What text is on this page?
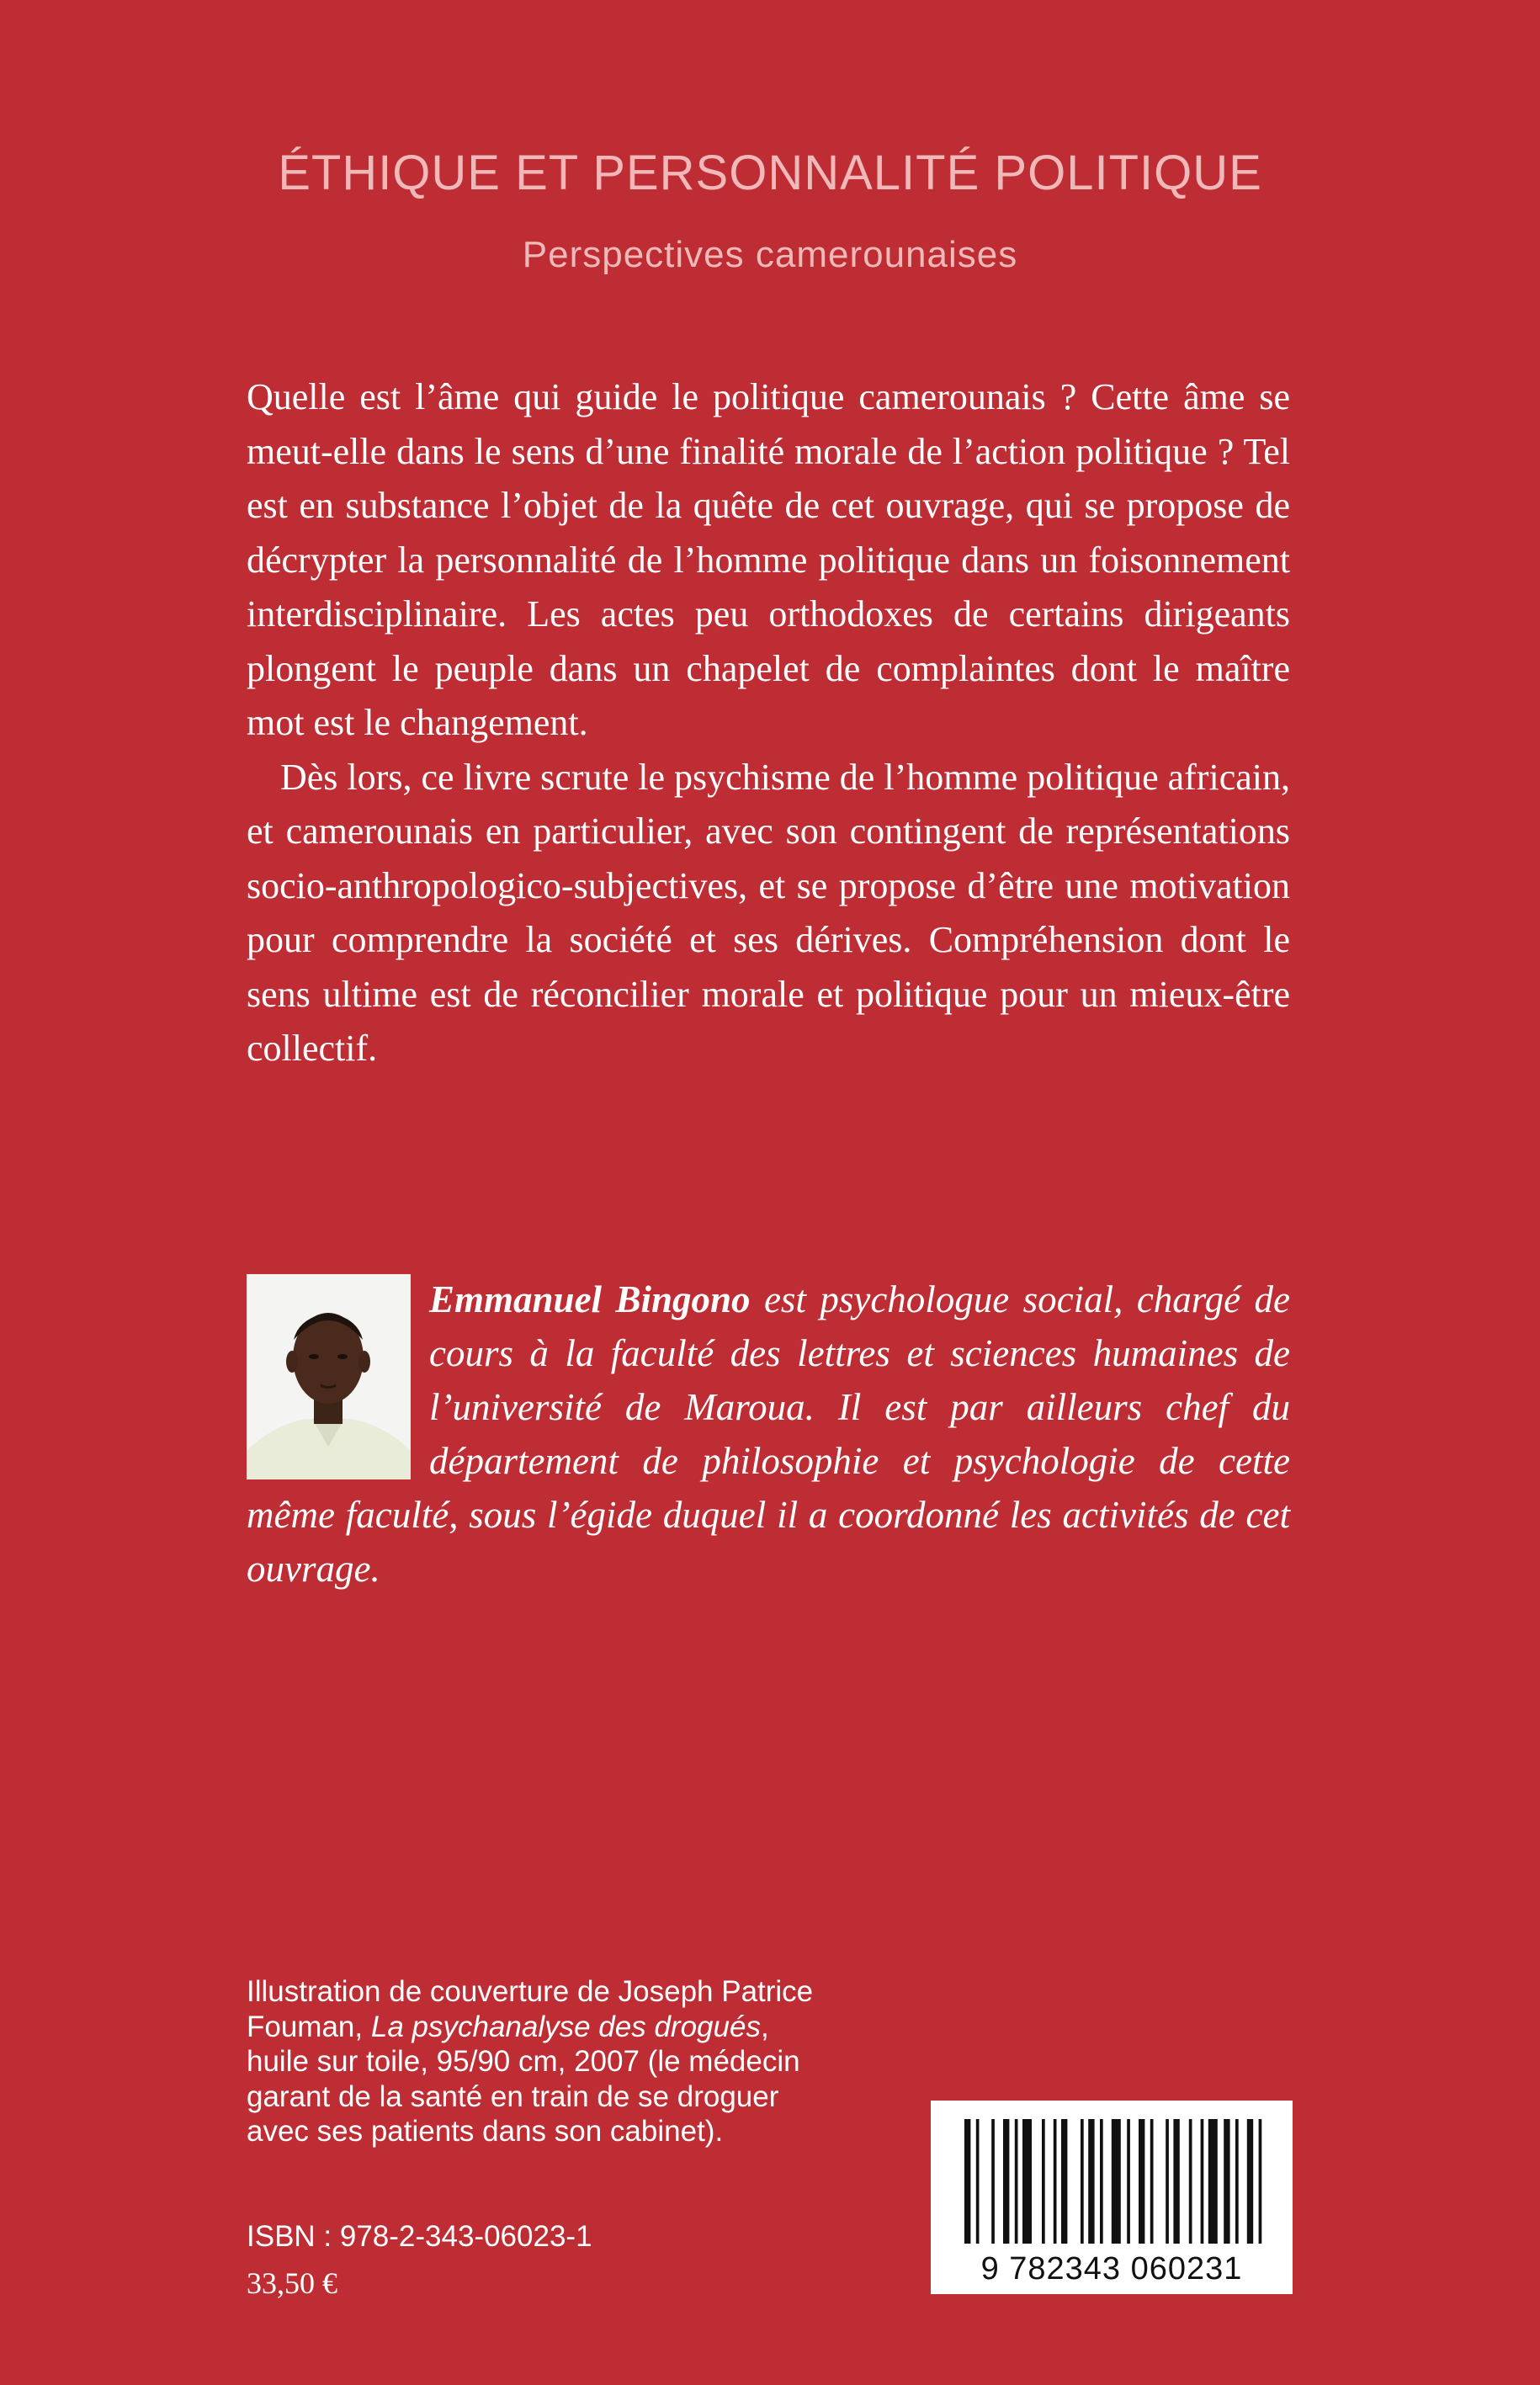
ÉTHIQUE ET PERSONNALITÉ POLITIQUE
Perspectives camerounaises

Quelle est l’âme qui guide le politique camerounais ? Cette âme se meut-elle dans le sens d’une finalité morale de l’action politique ? Tel est en substance l’objet de la quête de cet ouvrage, qui se propose de décrypter la personnalité de l’homme politique dans un foisonnement interdisciplinaire. Les actes peu orthodoxes de certains dirigeants plongent le peuple dans un chapelet de complaintes dont le maître mot est le changement.

Dès lors, ce livre scrute le psychisme de l’homme politique africain, et camerounais en particulier, avec son contingent de représentations socio-anthropologico-subjectives, et se propose d’être une motivation pour comprendre la société et ses dérives. Compréhension dont le sens ultime est de réconcilier morale et politique pour un mieux-être collectif.

Emmanuel Bingono est psychologue social, chargé de cours à la faculté des lettres et sciences humaines de l’université de Maroua. Il est par ailleurs chef du département de philosophie et psychologie de cette même faculté, sous l’égide duquel il a coordonné les activités de cet ouvrage.
Illustration de couverture de Joseph Patrice
Fouman, La psychanalyse des drogués,
huile sur toile, 95/90 cm, 2007 (le médecin
garant de la santé en train de se droguer
avec ses patients dans son cabinet).
ISBN : 978-2-343-06023-1
33,50 €	9 782343 060231
